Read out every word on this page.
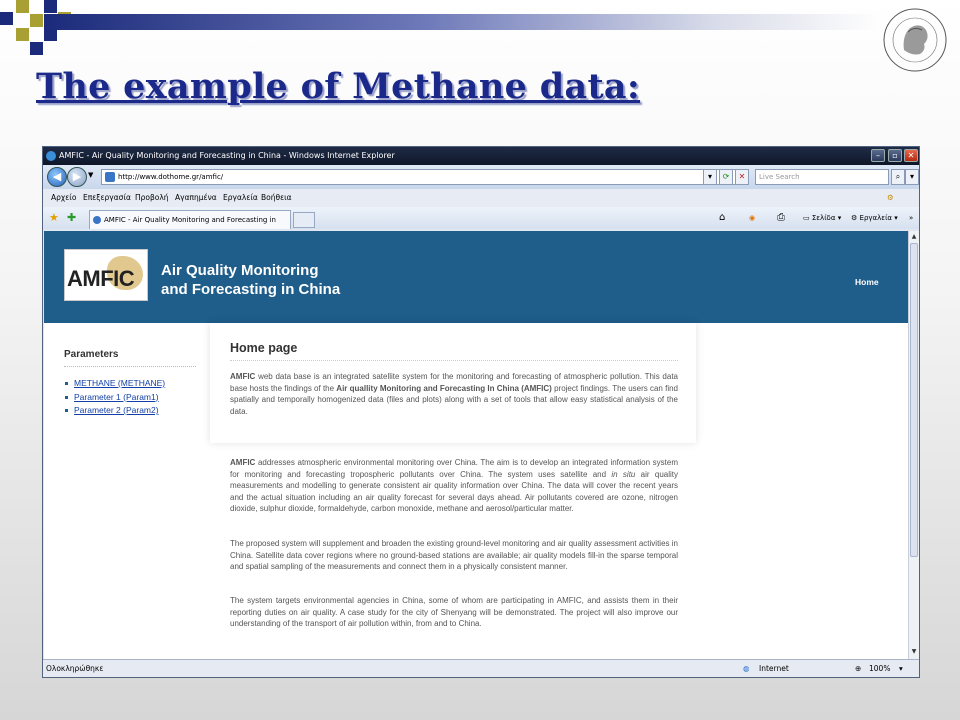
The example of Methane data:
AMFIC - Air Quality Monitoring and Forecasting in China - Windows Internet Explorer	–	▫	✕
◀	▶ ▼	http://www.dothome.gr/amfic/	▾	⟳	✕	Live Search	⌕	▾
Αρχείο Επεξεργασία Προβολή Αγαπημένα Εργαλεία Βοήθεια	⚙
★ ✚	AMFIC - Air Quality Monitoring and Forecasting in	⌂	◉ ⎙	▭ Σελίδα ▾ ⚙ Εργαλεία ▾ »
AMFIC Air Quality Monitoring
and Forecasting in China	Home
Parameters
METHANE (METHANE)
Parameter 1 (Param1)
Parameter 2 (Param2)
Home page

AMFIC web data base is an integrated satellite system for the monitoring and forecasting of atmospheric pollution. This data base hosts the findings of the Air quallity Monitoring and Forecasting In China (AMFIC) project findings. The users can find spatially and temporally homogenized data (files and plots) along with a set of tools that allow easy statistical analysis of the data.

AMFIC addresses atmospheric environmental monitoring over China. The aim is to develop an integrated information system for monitoring and forecasting tropospheric pollutants over China. The system uses satellite and in situ air quality measurements and modelling to generate consistent air quality information over China. The data will cover the recent years and the actual situation including an air quality forecast for several days ahead. Air pollutants covered are ozone, nitrogen dioxide, sulphur dioxide, formaldehyde, carbon monoxide, methane and aerosol/particular matter.

The proposed system will supplement and broaden the existing ground-level monitoring and air quality assessment activities in China. Satellite data cover regions where no ground-based stations are available; air quality models fill-in the sparse temporal and spatial sampling of the measurements and connect them in a physically consistent manner.

The system targets environmental agencies in China, some of whom are participating in AMFIC, and assists them in their reporting duties on air quality. A case study for the city of Shenyang will be demonstrated. The project will also improve our understanding of the transport of air pollution within, from and to China.

▲
▼
Ολοκληρώθηκε	◍ Internet	⊕ 100% ▾
